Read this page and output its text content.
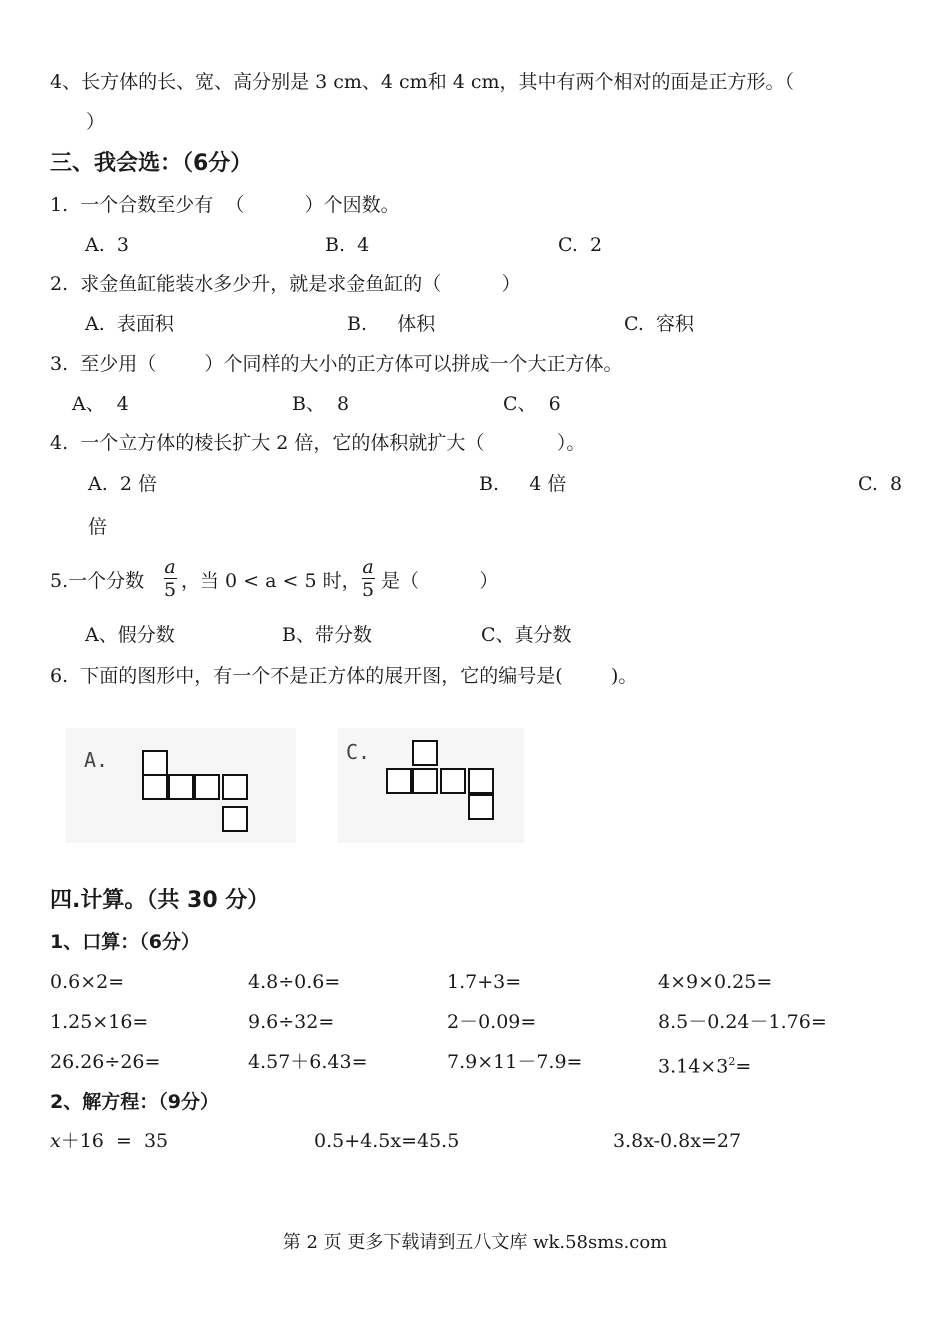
4、长方体的长、宽、高分别是 3 cm、4 cm和 4 cm，其中有两个相对的面是正方形。（
）
三、我会选：（6分）
1.  一个合数至少有  （          ）个因数。
A.  3	B.  4	C.  2
2.  求金鱼缸能装水多少升，就是求金鱼缸的（          ）
A.  表面积	B.     体积	C.  容积
3.  至少用（        ）个同样的大小的正方体可以拼成一个大正方体。
A、  4	B、  8	C、  6
4.  一个立方体的棱长扩大 2 倍，它的体积就扩大（            ）。
A.  2 倍	B.     4 倍	C.  8
倍
5.一个分数
a
5 ，当 0 < a < 5 时，
a
5 是（          ）
A、假分数	B、带分数	C、真分数
6.  下面的图形中，有一个不是正方体的展开图，它的编号是(        )。
A.	C.
四.计算。（共 30 分）
1、口算：（6分）
0.6×2=	4.8÷0.6=	1.7+3=	4×9×0.25=
1.25×16=	9.6÷32=	2－0.09=	8.5－0.24－1.76=
26.26÷26=	4.57＋6.43=	7.9×11－7.9=	$3.14\times 3^2=$
2、解方程：（9分）
x＋16  =  35	0.5+4.5x=45.5	3.8x-0.8x=27
第 2 页 更多下载请到五八文库 wk.58sms.com
